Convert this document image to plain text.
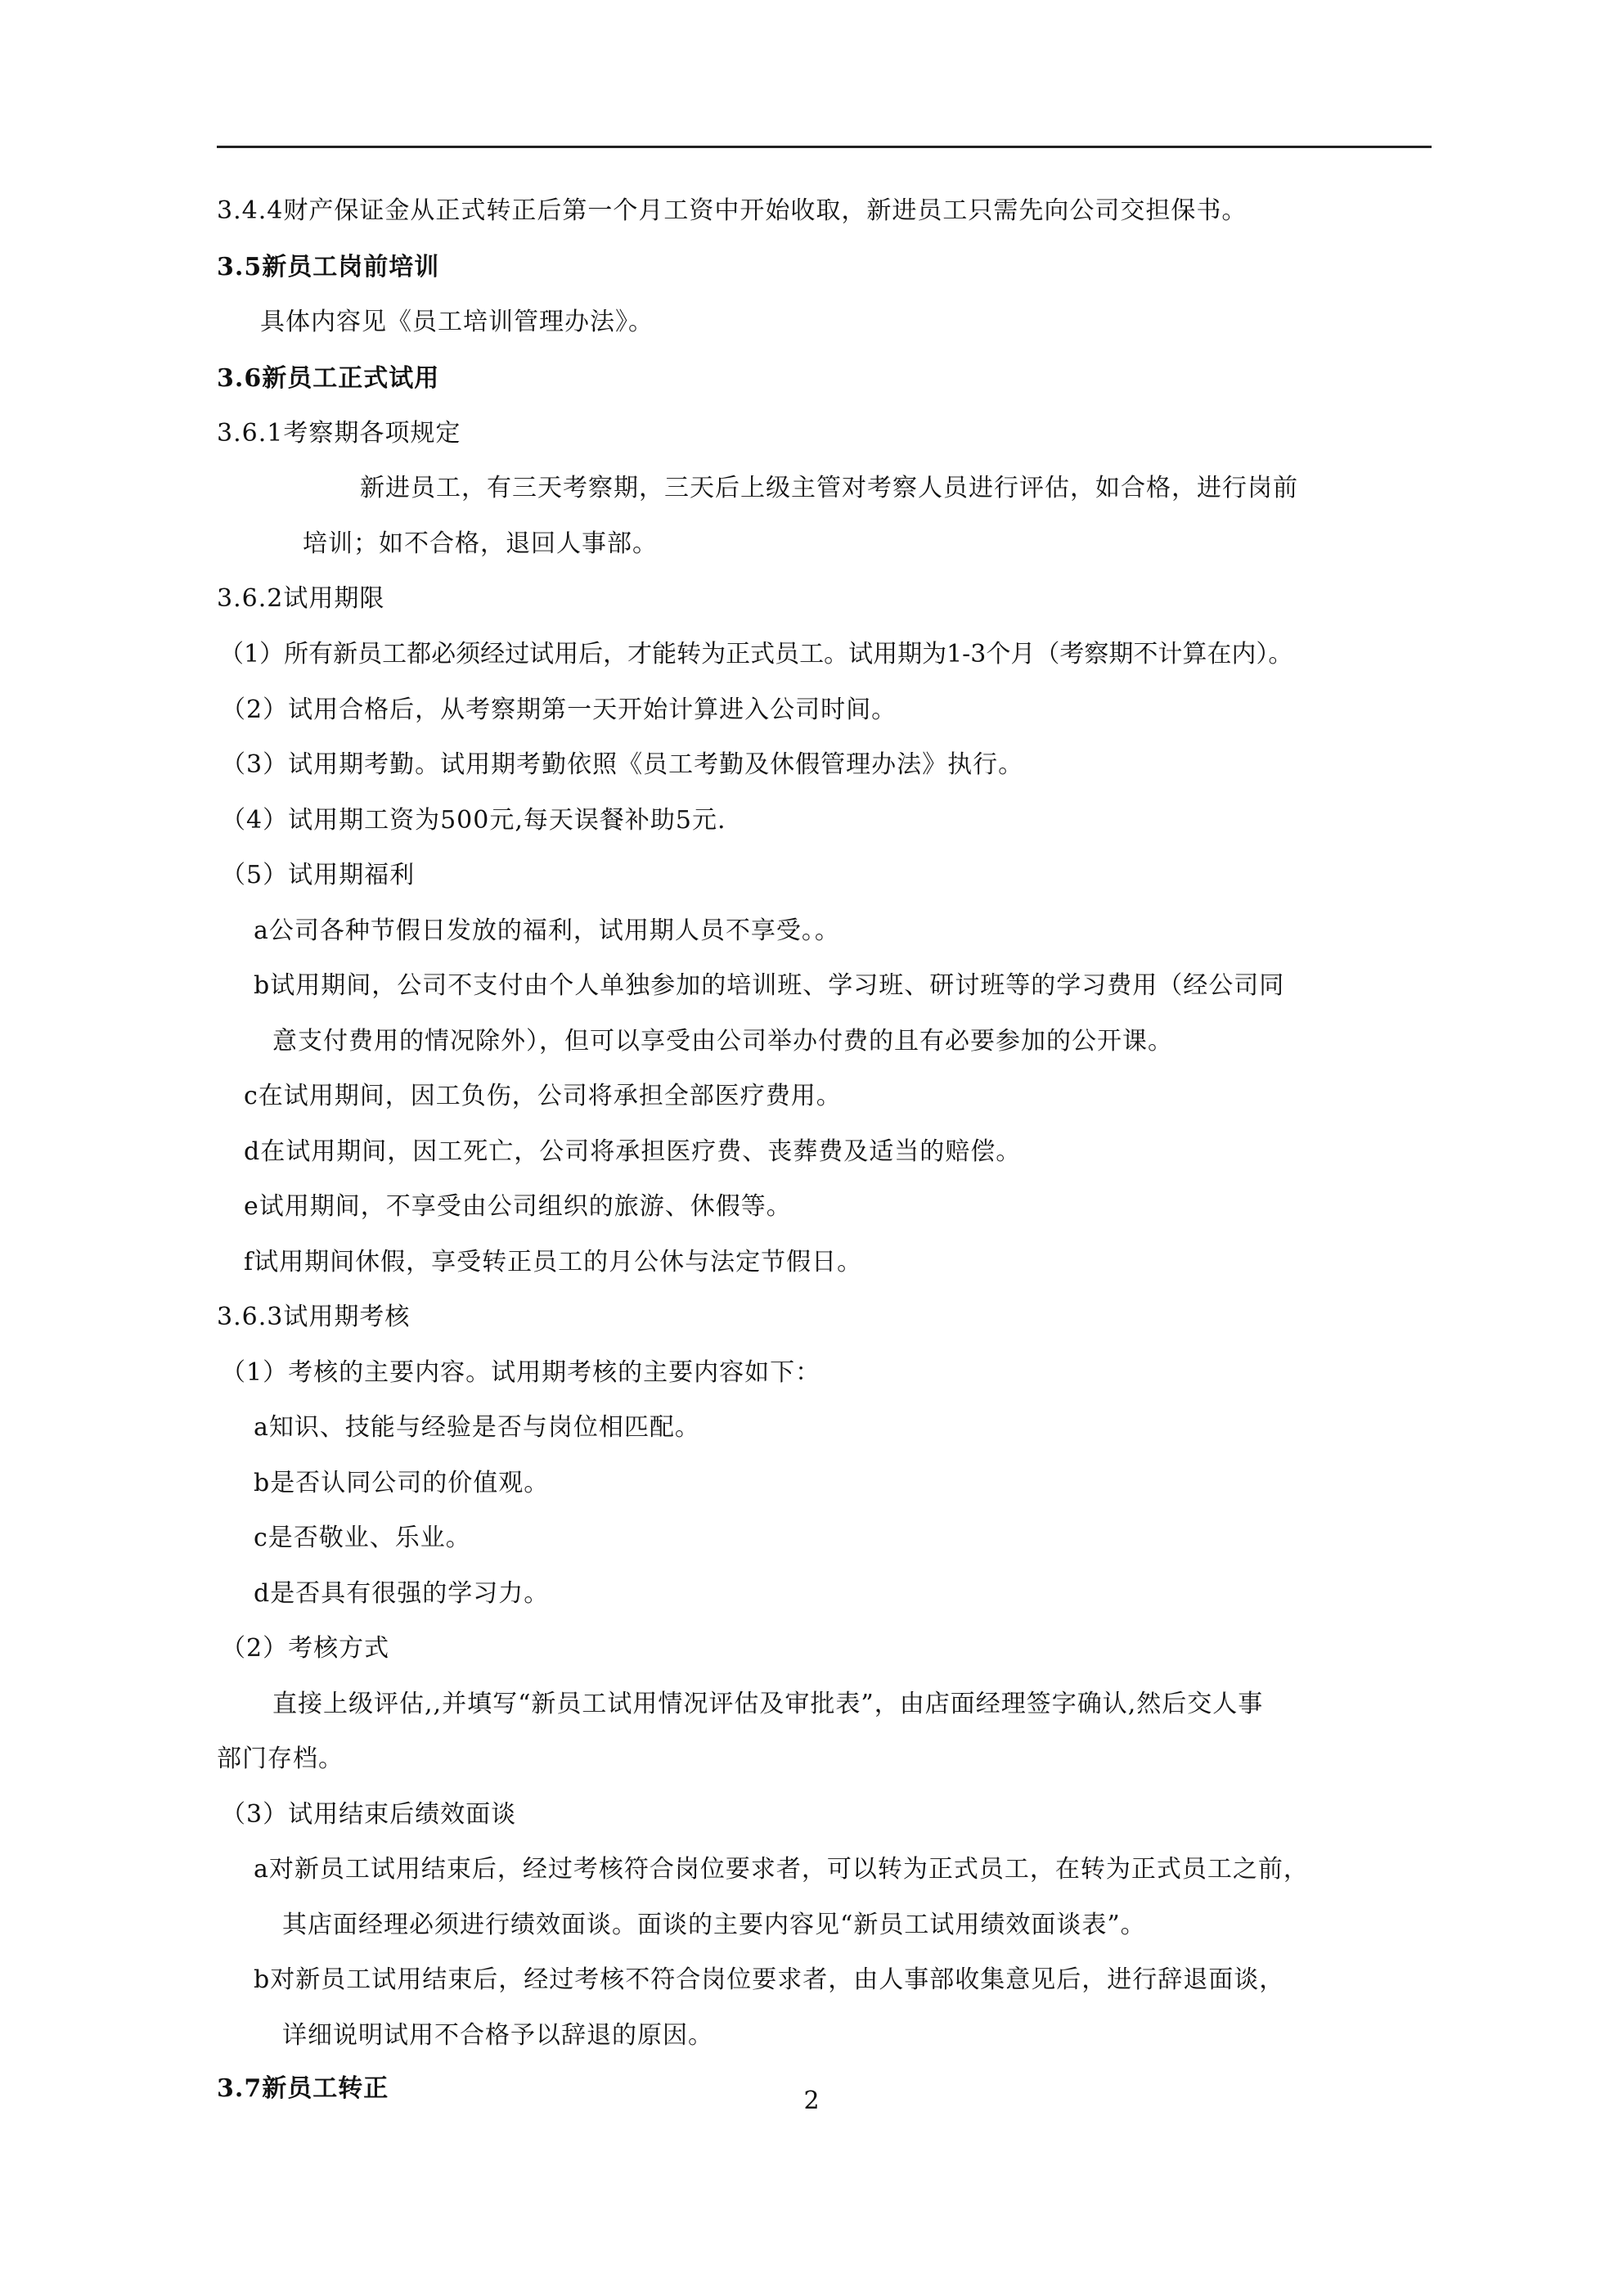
3.4.4财产保证金从正式转正后第一个月工资中开始收取，新进员工只需先向公司交担保书。
3.5新员工岗前培训
具体内容见《员工培训管理办法》。
3.6新员工正式试用
3.6.1考察期各项规定
新进员工，有三天考察期，三天后上级主管对考察人员进行评估，如合格，进行岗前
培训；如不合格，退回人事部。
3.6.2试用期限
（1）所有新员工都必须经过试用后，才能转为正式员工。试用期为1-3个月（考察期不计算在内）。
（2）试用合格后，从考察期第一天开始计算进入公司时间。
（3）试用期考勤。试用期考勤依照《员工考勤及休假管理办法》执行。
（4）试用期工资为500元,每天误餐补助5元.
（5）试用期福利
a公司各种节假日发放的福利，试用期人员不享受。。
b试用期间，公司不支付由个人单独参加的培训班、学习班、研讨班等的学习费用（经公司同
意支付费用的情况除外），但可以享受由公司举办付费的且有必要参加的公开课。
c在试用期间，因工负伤，公司将承担全部医疗费用。
d在试用期间，因工死亡，公司将承担医疗费、丧葬费及适当的赔偿。
e试用期间，不享受由公司组织的旅游、休假等。
f试用期间休假，享受转正员工的月公休与法定节假日。
3.6.3试用期考核
（1）考核的主要内容。试用期考核的主要内容如下：
a知识、技能与经验是否与岗位相匹配。
b是否认同公司的价值观。
c是否敬业、乐业。
d是否具有很强的学习力。
（2）考核方式
直接上级评估,,并填写“新员工试用情况评估及审批表”，由店面经理签字确认,然后交人事
部门存档。
（3）试用结束后绩效面谈
a对新员工试用结束后，经过考核符合岗位要求者，可以转为正式员工，在转为正式员工之前，
其店面经理必须进行绩效面谈。面谈的主要内容见“新员工试用绩效面谈表”。
b对新员工试用结束后，经过考核不符合岗位要求者，由人事部收集意见后，进行辞退面谈，
详细说明试用不合格予以辞退的原因。
3.7新员工转正	2
